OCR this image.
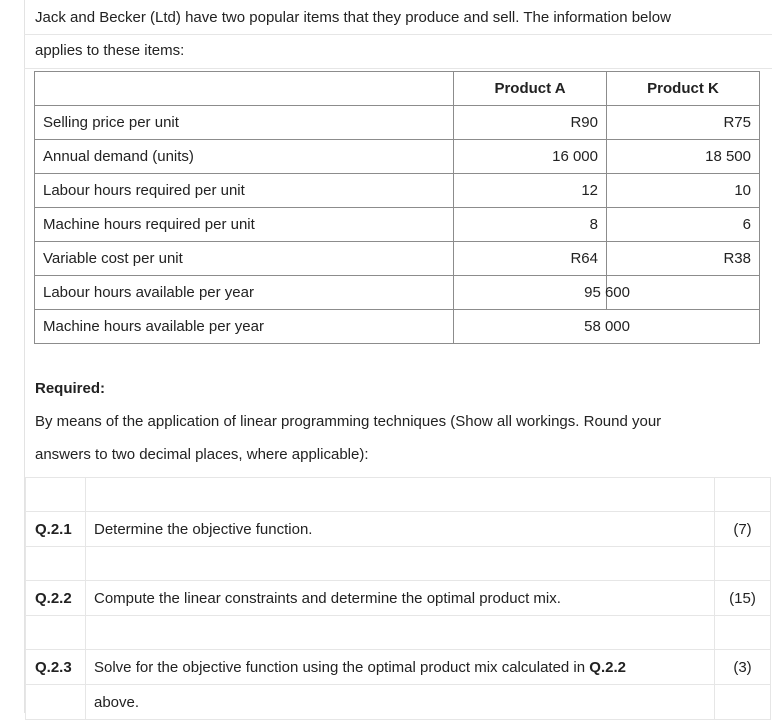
Jack and Becker (Ltd) have two popular items that they produce and sell. The information below
applies to these items:
	Product A	Product K
Selling price per unit	R90	R75
Annual demand (units)	16 000	18 500
Labour hours required per unit	12	10
Machine hours required per unit	8	6
Variable cost per unit	R64	R38
Labour hours available per year	95 600	

Machine hours available per year	58 000	
Required:
By means of the application of linear programming techniques (Show all workings. Round your
answers to two decimal places, where applicable):

Q.2.1	Determine the objective function.	(7)

Q.2.2	Compute the linear constraints and determine the optimal product mix.	(15)

Q.2.3	Solve for the objective function using the optimal product mix calculated in Q.2.2	(3)
	above.	
